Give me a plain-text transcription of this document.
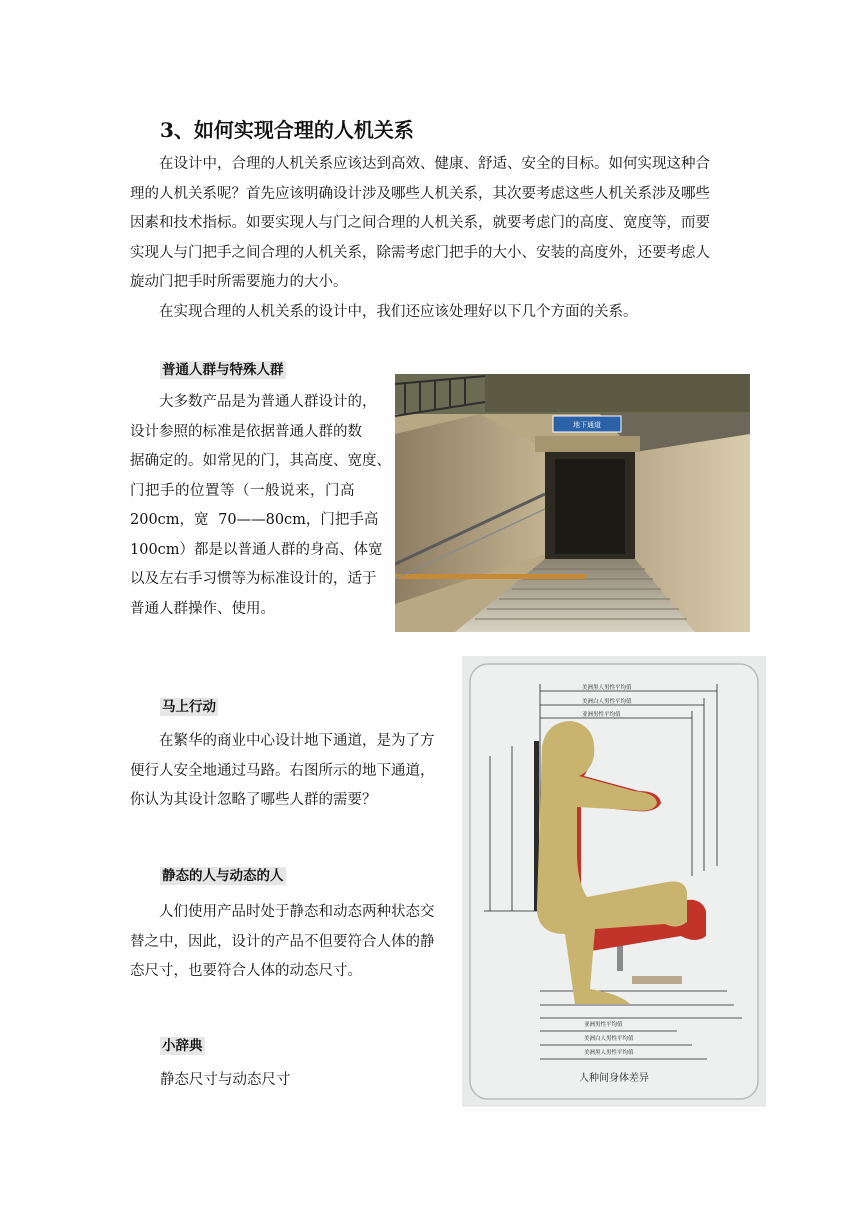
3、如何实现合理的人机关系

在设计中，合理的人机关系应该达到高效、健康、舒适、安全的目标。如何实现这种合

理的人机关系呢？首先应该明确设计涉及哪些人机关系，其次要考虑这些人机关系涉及哪些
因素和技术指标。如要实现人与门之间合理的人机关系，就要考虑门的高度、宽度等，而要
实现人与门把手之间合理的人机关系，除需考虑门把手的大小、安装的高度外，还要考虑人
旋动门把手时所需要施力的大小。

在实现合理的人机关系的设计中，我们还应该处理好以下几个方面的关系。

普通人群与特殊人群
大多数产品是为普通人群设计的，
设计参照的标准是依据普通人群的数
据确定的。如常见的门，其高度、宽度、
门把手的位置等（一般说来，门高
200cm，宽 70——80cm，门把手高
100cm）都是以普通人群的身高、体宽
以及左右手习惯等为标准设计的，适于
普通人群操作、使用。
地下通道
马上行动
在繁华的商业中心设计地下通道，是为了方
便行人安全地通过马路。右图所示的地下通道，
你认为其设计忽略了哪些人群的需要？
静态的人与动态的人
人们使用产品时处于静态和动态两种状态交
替之中，因此，设计的产品不但要符合人体的静
态尺寸，也要符合人体的动态尺寸。
小辞典
静态尺寸与动态尺寸
美洲黑人男性平均值
美洲白人男性平均值
亚洲男性平均值
亚洲男性平均值
美洲白人男性平均值
美洲黑人男性平均值
人种间身体差异
